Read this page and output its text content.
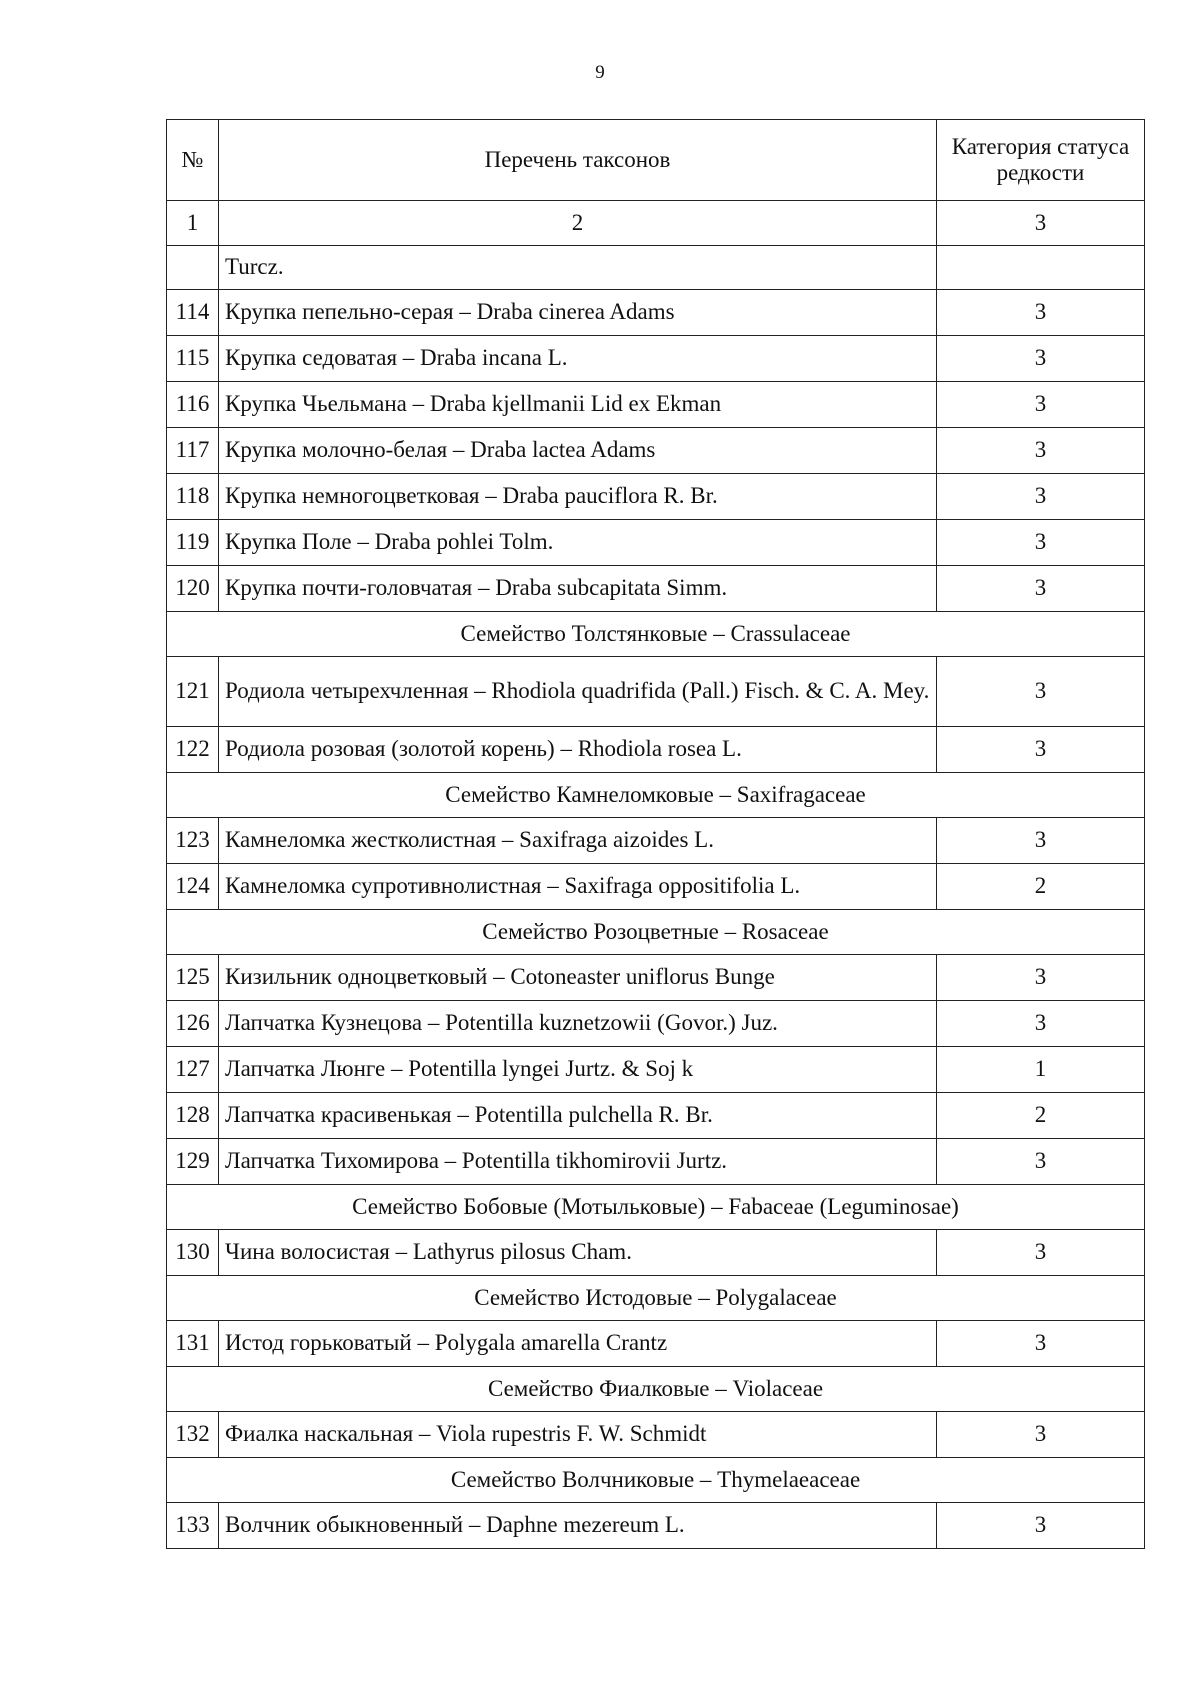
9
№	Перечень таксонов	Категория статуса редкости
1	2	3
	Turcz.	
114	Крупка пепельно-серая – Draba cinerea Adams	3
115	Крупка седоватая – Draba incana L.	3
116	Крупка Чьельмана – Draba kjellmanii Lid ex Ekman	3
117	Крупка молочно-белая – Draba lactea Adams	3
118	Крупка немногоцветковая – Draba pauciflora R. Br.	3
119	Крупка Поле – Draba pohlei Tolm.	3
120	Крупка почти-головчатая – Draba subcapitata Simm.	3
Семейство Толстянковые – Crassulaceae		
121	Родиола четырехчленная – Rhodiola quadrifida (Pall.) Fisch. & C. A. Mey.	3
122	Родиола розовая (золотой корень) – Rhodiola rosea L.	3
Семейство Камнеломковые – Saxifragaceae		
123	Камнеломка жестколистная – Saxifraga aizoides L.	3
124	Камнеломка супротивнолистная – Saxifraga oppositifolia L.	2
Семейство Розоцветные – Rosaceae		
125	Кизильник одноцветковый – Cotoneaster uniflorus Bunge	3
126	Лапчатка Кузнецова – Potentilla kuznetzowii (Govor.) Juz.	3
127	Лапчатка Люнге – Potentilla lyngei Jurtz. & Soj k	1
128	Лапчатка красивенькая – Potentilla pulchella R. Br.	2
129	Лапчатка Тихомирова – Potentilla tikhomirovii Jurtz.	3
Семейство Бобовые (Мотыльковые) – Fabaceae (Leguminosae)		
130	Чина волосистая – Lathyrus pilosus Cham.	3
Семейство Истодовые – Polygalaceae		
131	Истод горьковатый – Polygala amarella Crantz	3
Семейство Фиалковые – Violaceae		
132	Фиалка наскальная – Viola rupestris F. W. Schmidt	3
Семейство Волчниковые – Thymelaeaceae		
133	Волчник обыкновенный – Daphne mezereum L.	3
